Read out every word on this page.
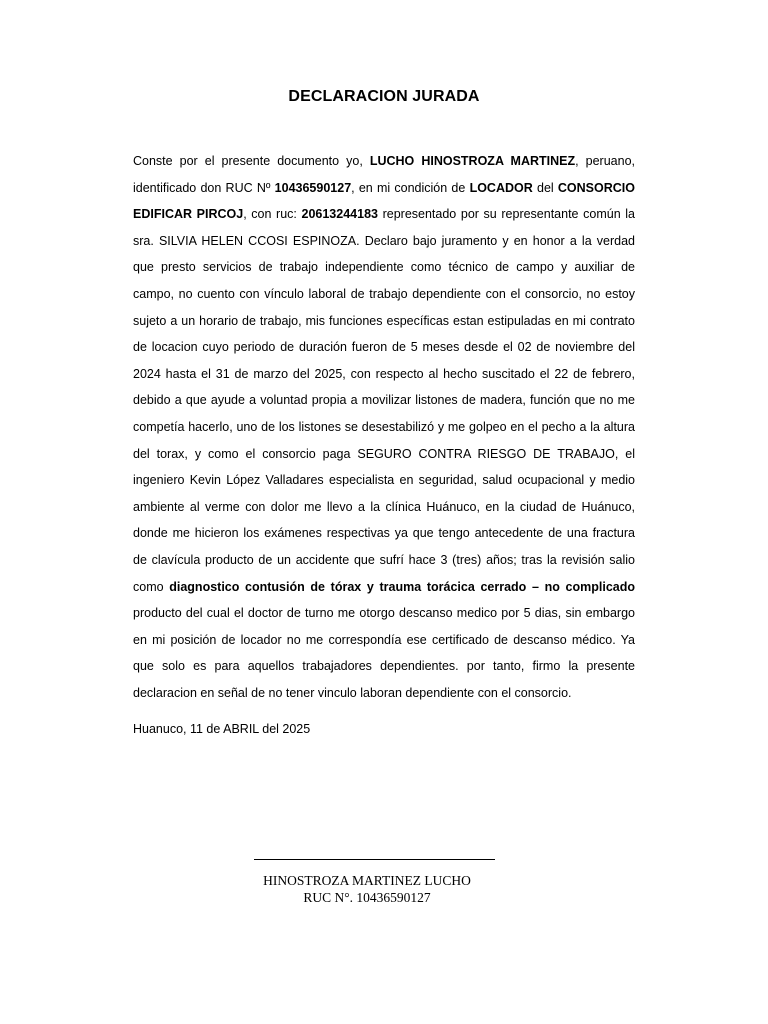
DECLARACION JURADA
Conste por el presente documento yo, LUCHO HINOSTROZA MARTINEZ, peruano, identificado don RUC Nº 10436590127, en mi condición de LOCADOR del CONSORCIO EDIFICAR PIRCOJ, con ruc: 20613244183 representado por su representante común la sra. SILVIA HELEN CCOSI ESPINOZA. Declaro bajo juramento y en honor a la verdad que presto servicios de trabajo independiente como técnico de campo y auxiliar de campo, no cuento con vínculo laboral de trabajo dependiente con el consorcio, no estoy sujeto a un horario de trabajo, mis funciones específicas estan estipuladas en mi contrato de locacion cuyo periodo de duración fueron de 5 meses desde el 02 de noviembre del 2024 hasta el 31 de marzo del 2025, con respecto al hecho suscitado el 22 de febrero, debido a que ayude a voluntad propia a movilizar listones de madera, función que no me competía hacerlo, uno de los listones se desestabilizó y me golpeo en el pecho a la altura del torax, y como el consorcio paga SEGURO CONTRA RIESGO DE TRABAJO, el ingeniero Kevin López Valladares especialista en seguridad, salud ocupacional y medio ambiente al verme con dolor me llevo a la clínica Huánuco, en la ciudad de Huánuco, donde me hicieron los exámenes respectivas ya que tengo antecedente de una fractura de clavícula producto de un accidente que sufrí hace 3 (tres) años; tras la revisión salio como diagnostico contusión de tórax y trauma torácica cerrado – no complicado producto del cual el doctor de turno me otorgo descanso medico por 5 dias, sin embargo en mi posición de locador no me correspondía ese certificado de descanso médico. Ya que solo es para aquellos trabajadores dependientes. por tanto, firmo la presente declaracion en señal de no tener vinculo laboran dependiente con el consorcio.
Huanuco, 11 de ABRIL del 2025
HINOSTROZA MARTINEZ LUCHO
RUC N°. 10436590127
